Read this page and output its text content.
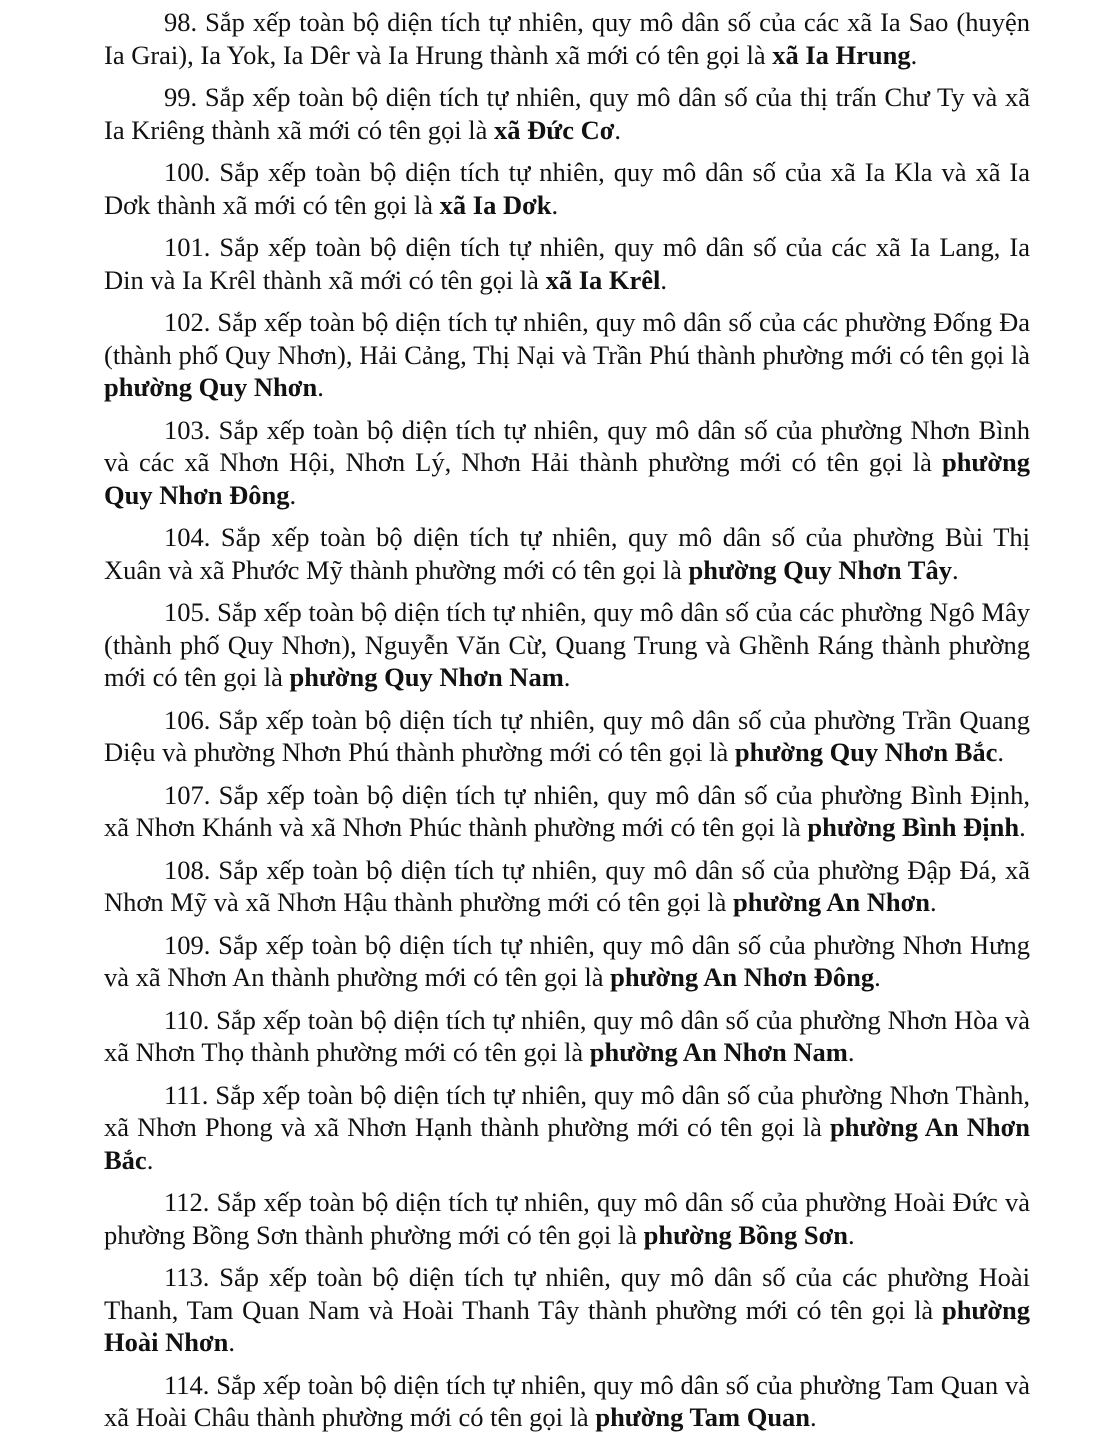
98. Sắp xếp toàn bộ diện tích tự nhiên, quy mô dân số của các xã Ia Sao (huyện Ia Grai), Ia Yok, Ia Dêr và Ia Hrung thành xã mới có tên gọi là xã Ia Hrung.

99. Sắp xếp toàn bộ diện tích tự nhiên, quy mô dân số của thị trấn Chư Ty và xã Ia Kriêng thành xã mới có tên gọi là xã Đức Cơ.

100. Sắp xếp toàn bộ diện tích tự nhiên, quy mô dân số của xã Ia Kla và xã Ia Dơk thành xã mới có tên gọi là xã Ia Dơk.

101. Sắp xếp toàn bộ diện tích tự nhiên, quy mô dân số của các xã Ia Lang, Ia Din và Ia Krêl thành xã mới có tên gọi là xã Ia Krêl.

102. Sắp xếp toàn bộ diện tích tự nhiên, quy mô dân số của các phường Đống Đa (thành phố Quy Nhơn), Hải Cảng, Thị Nại và Trần Phú thành phường mới có tên gọi là phường Quy Nhơn.

103. Sắp xếp toàn bộ diện tích tự nhiên, quy mô dân số của phường Nhơn Bình và các xã Nhơn Hội, Nhơn Lý, Nhơn Hải thành phường mới có tên gọi là phường Quy Nhơn Đông.

104. Sắp xếp toàn bộ diện tích tự nhiên, quy mô dân số của phường Bùi Thị Xuân và xã Phước Mỹ thành phường mới có tên gọi là phường Quy Nhơn Tây.

105. Sắp xếp toàn bộ diện tích tự nhiên, quy mô dân số của các phường Ngô Mây (thành phố Quy Nhơn), Nguyễn Văn Cừ, Quang Trung và Ghềnh Ráng thành phường mới có tên gọi là phường Quy Nhơn Nam.

106. Sắp xếp toàn bộ diện tích tự nhiên, quy mô dân số của phường Trần Quang Diệu và phường Nhơn Phú thành phường mới có tên gọi là phường Quy Nhơn Bắc.

107. Sắp xếp toàn bộ diện tích tự nhiên, quy mô dân số của phường Bình Định, xã Nhơn Khánh và xã Nhơn Phúc thành phường mới có tên gọi là phường Bình Định.

108. Sắp xếp toàn bộ diện tích tự nhiên, quy mô dân số của phường Đập Đá, xã Nhơn Mỹ và xã Nhơn Hậu thành phường mới có tên gọi là phường An Nhơn.

109. Sắp xếp toàn bộ diện tích tự nhiên, quy mô dân số của phường Nhơn Hưng và xã Nhơn An thành phường mới có tên gọi là phường An Nhơn Đông.

110. Sắp xếp toàn bộ diện tích tự nhiên, quy mô dân số của phường Nhơn Hòa và xã Nhơn Thọ thành phường mới có tên gọi là phường An Nhơn Nam.

111. Sắp xếp toàn bộ diện tích tự nhiên, quy mô dân số của phường Nhơn Thành, xã Nhơn Phong và xã Nhơn Hạnh thành phường mới có tên gọi là phường An Nhơn Bắc.

112. Sắp xếp toàn bộ diện tích tự nhiên, quy mô dân số của phường Hoài Đức và phường Bồng Sơn thành phường mới có tên gọi là phường Bồng Sơn.

113. Sắp xếp toàn bộ diện tích tự nhiên, quy mô dân số của các phường Hoài Thanh, Tam Quan Nam và Hoài Thanh Tây thành phường mới có tên gọi là phường Hoài Nhơn.

114. Sắp xếp toàn bộ diện tích tự nhiên, quy mô dân số của phường Tam Quan và xã Hoài Châu thành phường mới có tên gọi là phường Tam Quan.
